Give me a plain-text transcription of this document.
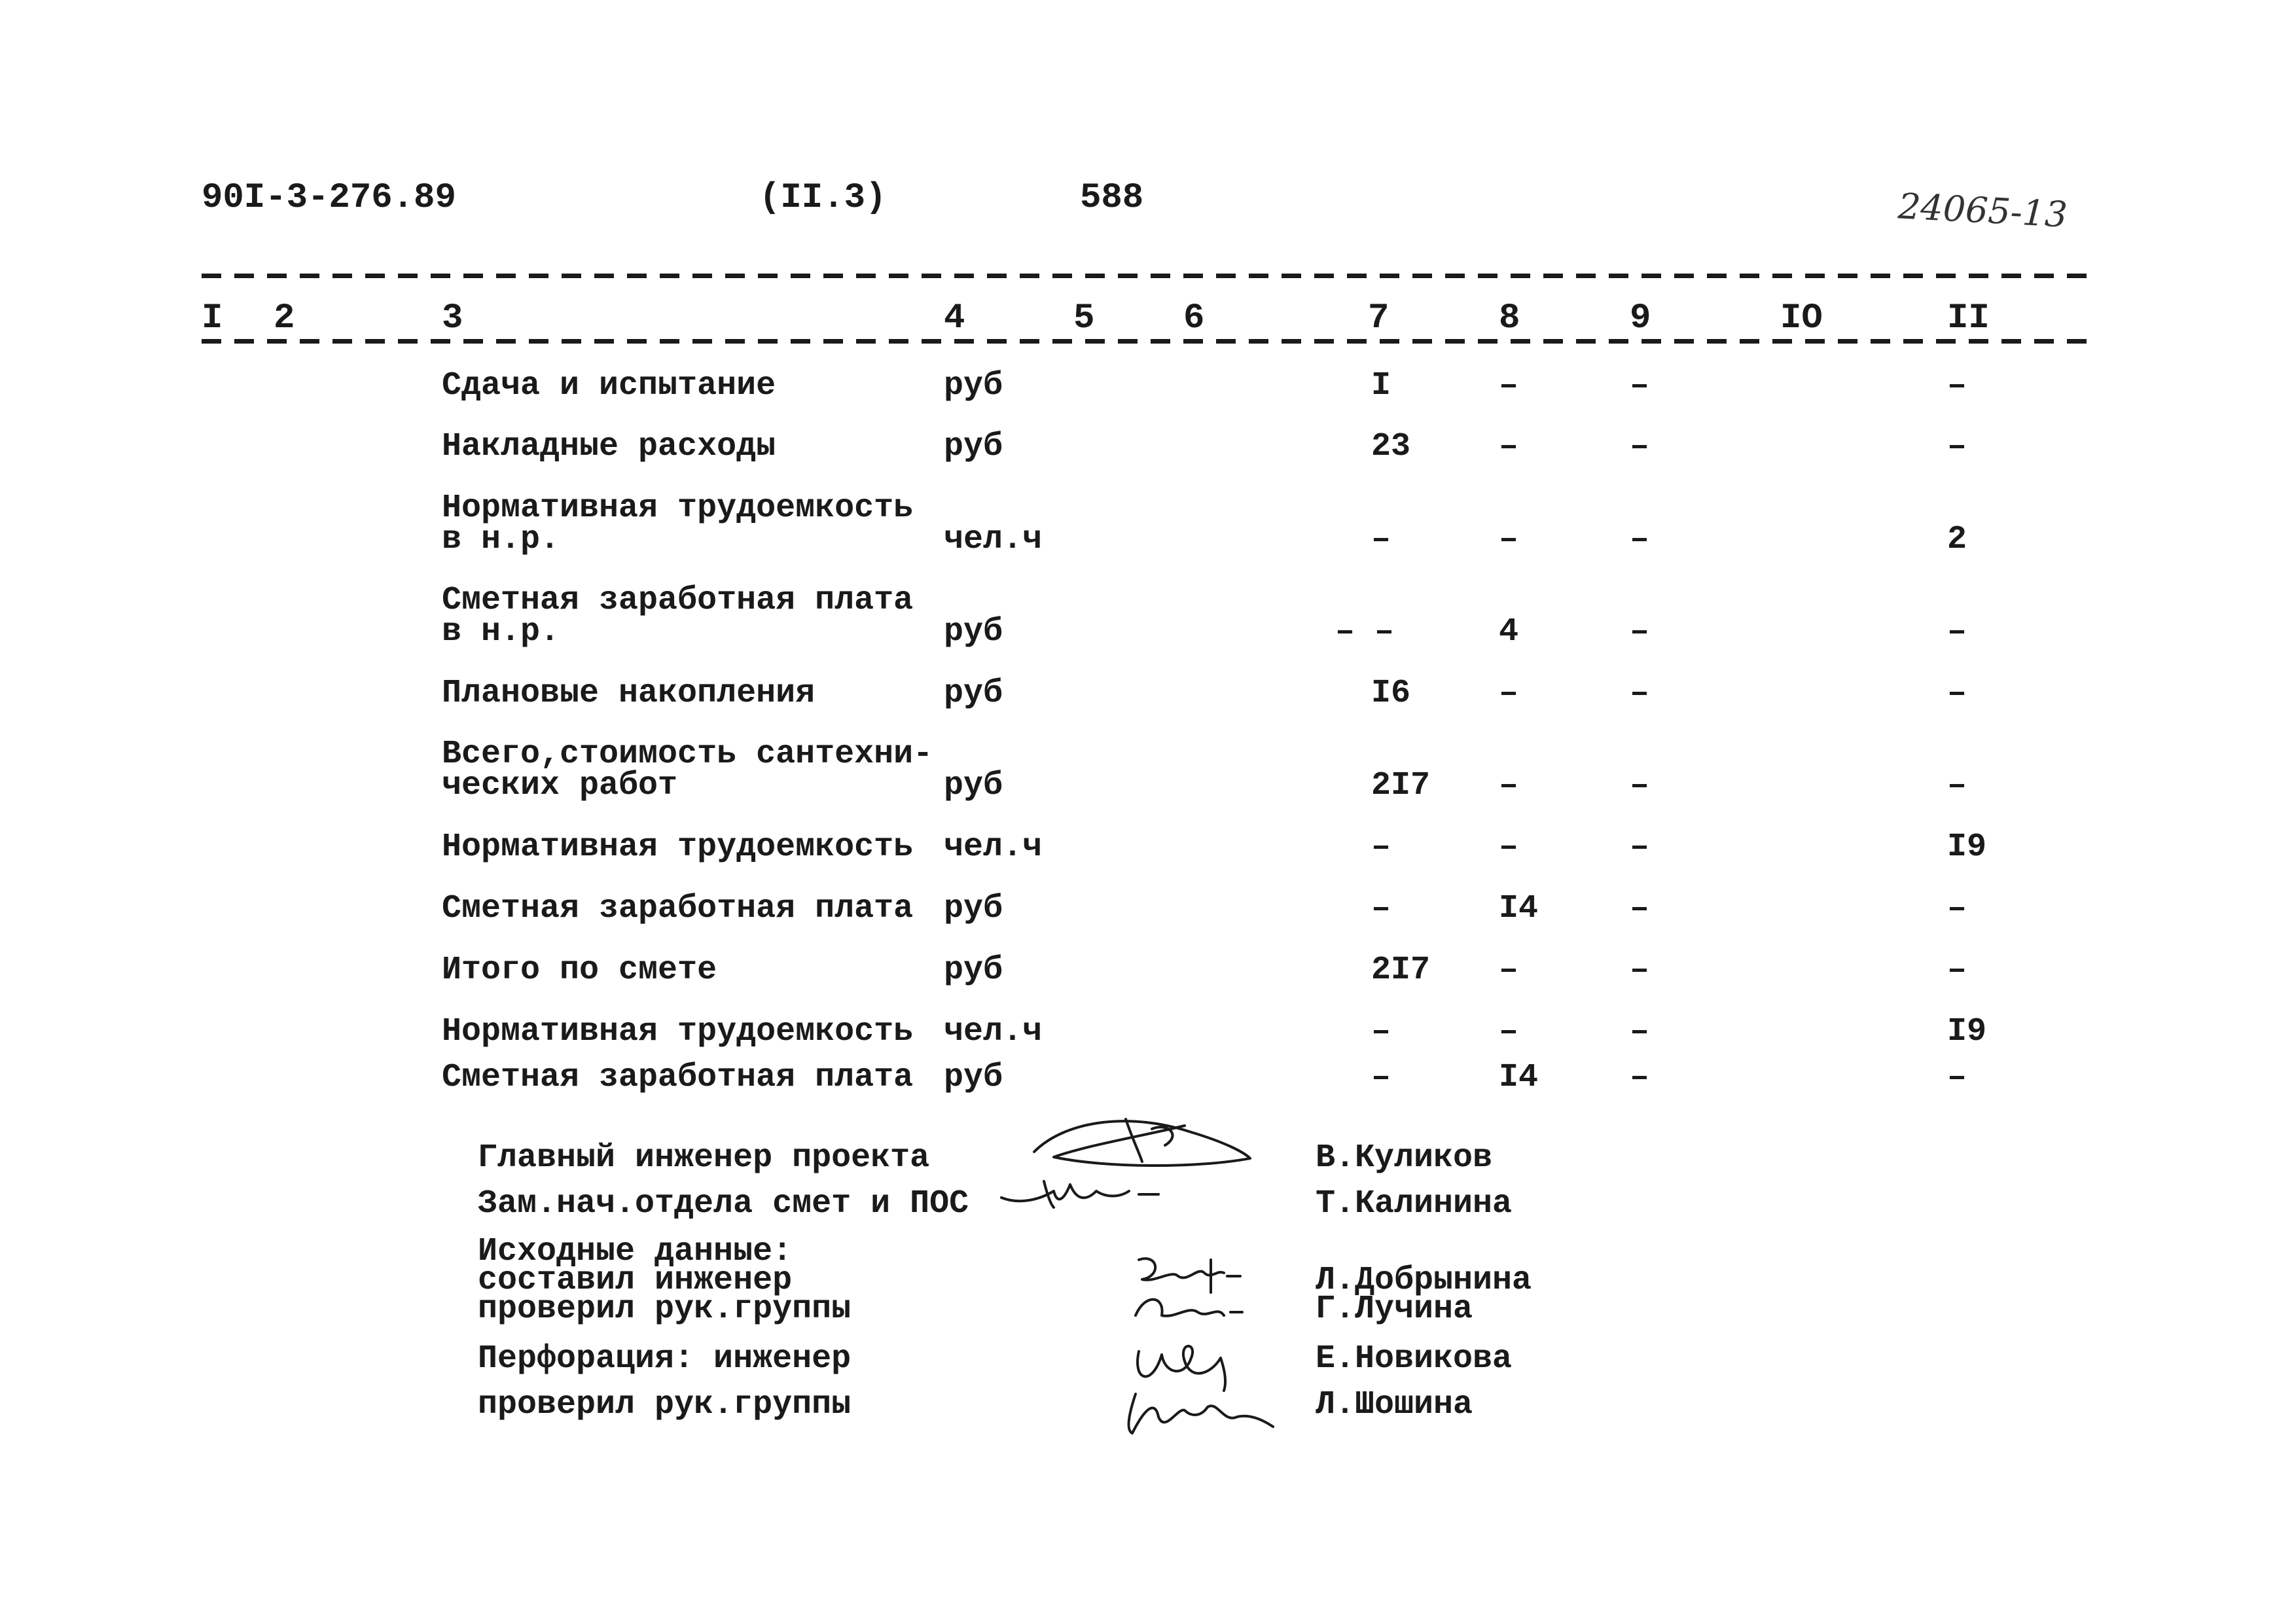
90I-3-276.89	(II.3)	588	24065-13
I 2	3	4	5	6	7	8	9	IO	II
Сдача и испытание	руб	I	–	–	–
Накладные расходы	руб	23	–	–	–
Нормативная трудоемкость
в н.р.	чел.ч	–	–	–	2
Сметная заработная плата
в н.р.	руб	– –	4	–	–
Плановые накопления	руб	I6	–	–	–
Всего,стоимость сантехни-
ческих работ	руб	2I7 –	–	–
Нормативная трудоемкость чел.ч	–	–	–	I9
Сметная заработная плата руб	–	I4	–	–
Итого по смете	руб	2I7 –	–	–
Нормативная трудоемкость чел.ч	–	–	–	I9
Сметная заработная плата руб	–	I4	–	–
Главный инженер проекта	В.Куликов
Зам.нач.отдела смет и ПОС	Т.Калинина
Исходные данные:
составил инженер	Л.Добрынина
проверил рук.группы	Г.Лучина
Перфорация: инженер	Е.Новикова
проверил рук.группы	Л.Шошина
